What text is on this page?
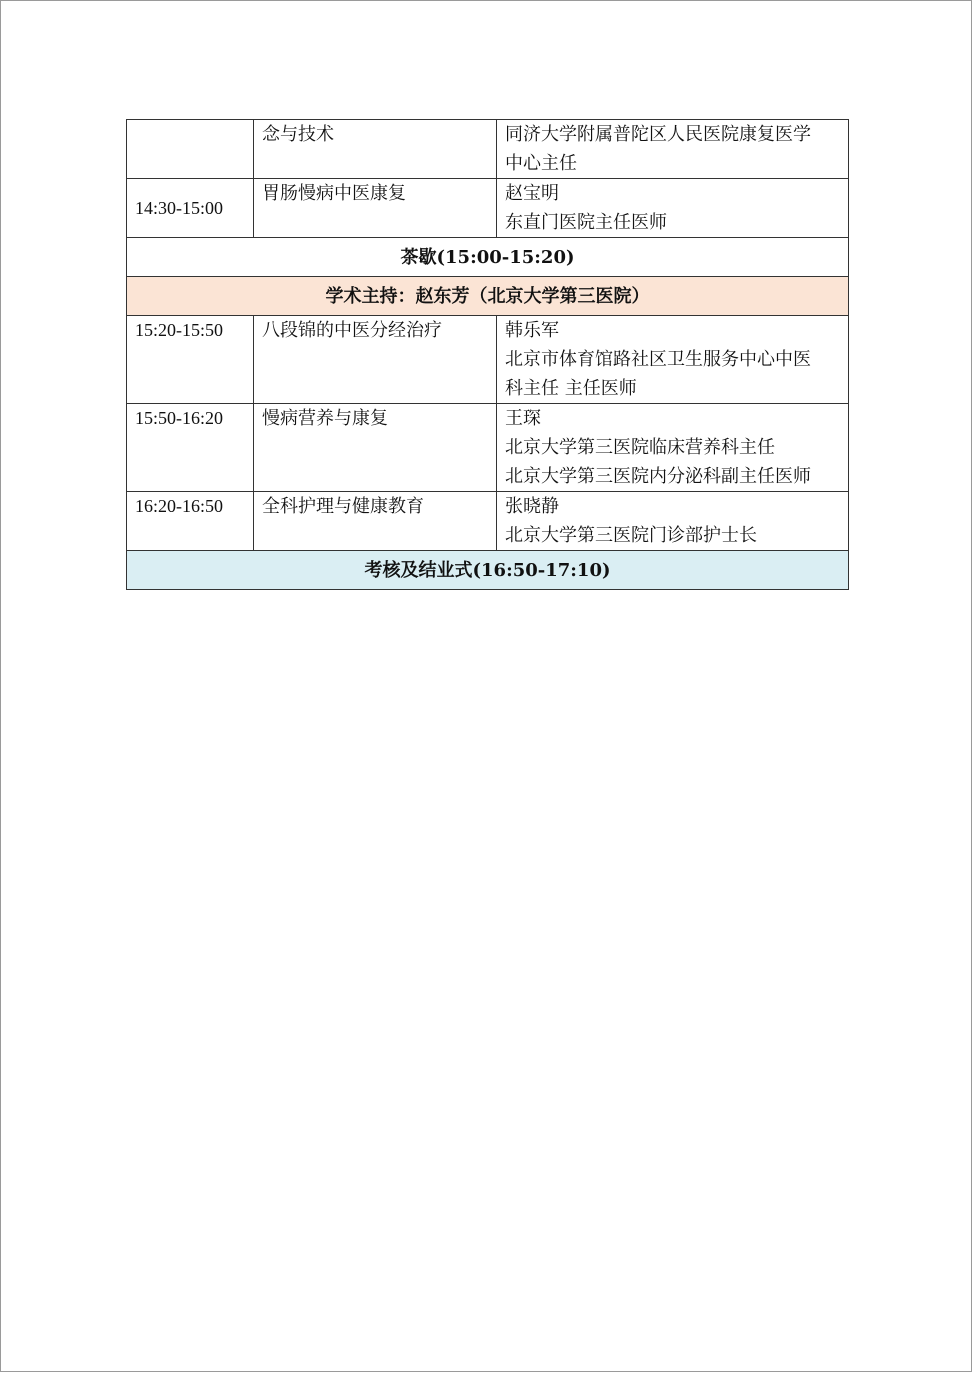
	念与技术	同济大学附属普陀区人民医院康复医学
中心主任

14:30-15:00	胃肠慢病中医康复	赵宝明
东直门医院主任医师

茶歇(15:00-15:20)		
学术主持：赵东芳（北京大学第三医院）		
15:20-15:50	八段锦的中医分经治疗	韩乐军
北京市体育馆路社区卫生服务中心中医
科主任 主任医师

15:50-16:20	慢病营养与康复	王琛
北京大学第三医院临床营养科主任
北京大学第三医院内分泌科副主任医师

16:20-16:50	全科护理与健康教育	张晓静
北京大学第三医院门诊部护士长

考核及结业式(16:50-17:10)		
